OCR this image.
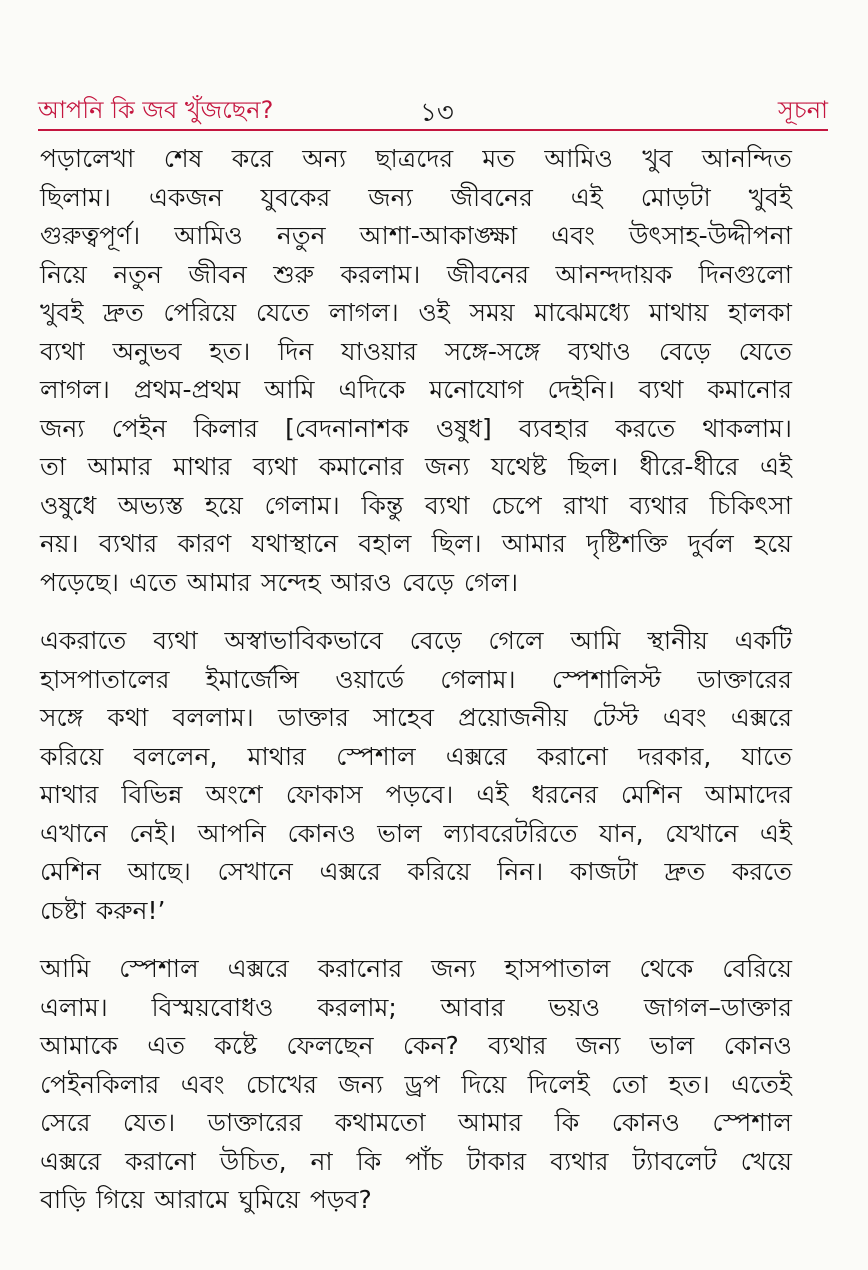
আপনি কি জব খুঁজছেন?	১৩	সূচনা
পড়ালেখা শেষ করে অন্য ছাত্রদের মত আমিও খুব আনন্দিত
ছিলাম। একজন যুবকের জন্য জীবনের এই মোড়টা খুবই
গুরুত্বপূর্ণ। আমিও নতুন আশা-আকাঙ্ক্ষা এবং উৎসাহ-উদ্দীপনা
নিয়ে নতুন জীবন শুরু করলাম। জীবনের আনন্দদায়ক দিনগুলো
খুবই দ্রুত পেরিয়ে যেতে লাগল। ওই সময় মাঝেমধ্যে মাথায় হালকা
ব্যথা অনুভব হত। দিন যাওয়ার সঙ্গে-সঙ্গে ব্যথাও বেড়ে যেতে
লাগল। প্রথম-প্রথম আমি এদিকে মনোযোগ দেইনি। ব্যথা কমানোর
জন্য পেইন কিলার [বেদনানাশক ওষুধ] ব্যবহার করতে থাকলাম।
তা আমার মাথার ব্যথা কমানোর জন্য যথেষ্ট ছিল। ধীরে-ধীরে এই
ওষুধে অভ্যস্ত হয়ে গেলাম। কিন্তু ব্যথা চেপে রাখা ব্যথার চিকিৎসা
নয়। ব্যথার কারণ যথাস্থানে বহাল ছিল। আমার দৃষ্টিশক্তি দুর্বল হয়ে
পড়েছে। এতে আমার সন্দেহ আরও বেড়ে গেল।
একরাতে ব্যথা অস্বাভাবিকভাবে বেড়ে গেলে আমি স্থানীয় একটি
হাসপাতালের ইমার্জেন্সি ওয়ার্ডে গেলাম। স্পেশালিস্ট ডাক্তারের
সঙ্গে কথা বললাম। ডাক্তার সাহেব প্রয়োজনীয় টেস্ট এবং এক্সরে
করিয়ে বললেন, মাথার স্পেশাল এক্সরে করানো দরকার, যাতে
মাথার বিভিন্ন অংশে ফোকাস পড়বে। এই ধরনের মেশিন আমাদের
এখানে নেই। আপনি কোনও ভাল ল্যাবরেটরিতে যান, যেখানে এই
মেশিন আছে। সেখানে এক্সরে করিয়ে নিন। কাজটা দ্রুত করতে
চেষ্টা করুন!’
আমি স্পেশাল এক্সরে করানোর জন্য হাসপাতাল থেকে বেরিয়ে
এলাম। বিস্ময়বোধও করলাম; আবার ভয়ও জাগল–ডাক্তার
আমাকে এত কষ্টে ফেলছেন কেন? ব্যথার জন্য ভাল কোনও
পেইনকিলার এবং চোখের জন্য ড্রপ দিয়ে দিলেই তো হত। এতেই
সেরে যেত। ডাক্তারের কথামতো আমার কি কোনও স্পেশাল
এক্সরে করানো উচিত, না কি পাঁচ টাকার ব্যথার ট্যাবলেট খেয়ে
বাড়ি গিয়ে আরামে ঘুমিয়ে পড়ব?
